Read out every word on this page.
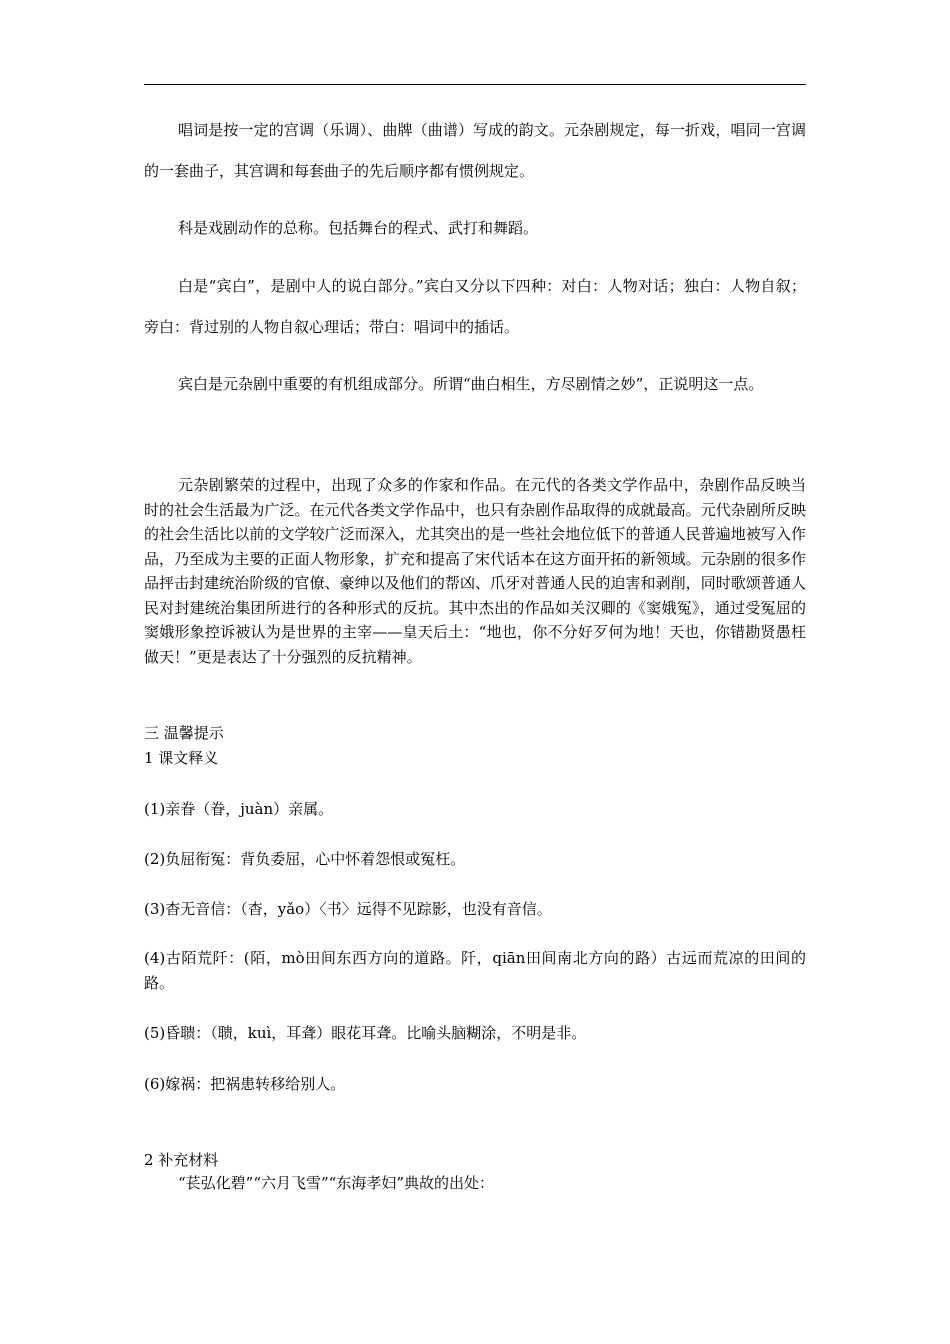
唱词是按一定的宫调（乐调）、曲牌（曲谱）写成的韵文。元杂剧规定，每一折戏，唱同一宫调的一套曲子，其宫调和每套曲子的先后顺序都有惯例规定。

科是戏剧动作的总称。包括舞台的程式、武打和舞蹈。

白是“宾白”，是剧中人的说白部分。”宾白又分以下四种：对白：人物对话；独白：人物自叙；旁白：背过别的人物自叙心理话；带白：唱词中的插话。

宾白是元杂剧中重要的有机组成部分。所谓“曲白相生，方尽剧情之妙”，正说明这一点。

元杂剧繁荣的过程中，出现了众多的作家和作品。在元代的各类文学作品中，杂剧作品反映当时的社会生活最为广泛。在元代各类文学作品中，也只有杂剧作品取得的成就最高。元代杂剧所反映的社会生活比以前的文学较广泛而深入，尤其突出的是一些社会地位低下的普通人民普遍地被写入作品，乃至成为主要的正面人物形象，扩充和提高了宋代话本在这方面开拓的新领域。元杂剧的很多作品抨击封建统治阶级的官僚、豪绅以及他们的帮凶、爪牙对普通人民的迫害和剥削，同时歌颂普通人民对封建统治集团所进行的各种形式的反抗。其中杰出的作品如关汉卿的《窦娥冤》，通过受冤屈的窦娥形象控诉被认为是世界的主宰——皇天后土：“地也，你不分好歹何为地！天也，你错勘贤愚枉做天！”更是表达了十分强烈的反抗精神。

三 温馨提示

1 课文释义

(1)亲眷（眷，juàn）亲属。

(2)负屈衔冤：背负委屈，心中怀着怨恨或冤枉。

(3)杳无音信：（杳，yǎo）〈书〉远得不见踪影，也没有音信。

(4)古陌荒阡：(陌，mò田间东西方向的道路。阡，qiān田间南北方向的路）古远而荒凉的田间的路。

(5)昏聩：（聩，kuì，耳聋）眼花耳聋。比喻头脑糊涂，不明是非。

(6)嫁祸：把祸患转移给别人。

2 补充材料

“苌弘化碧”“六月飞雪”“东海孝妇”典故的出处：
